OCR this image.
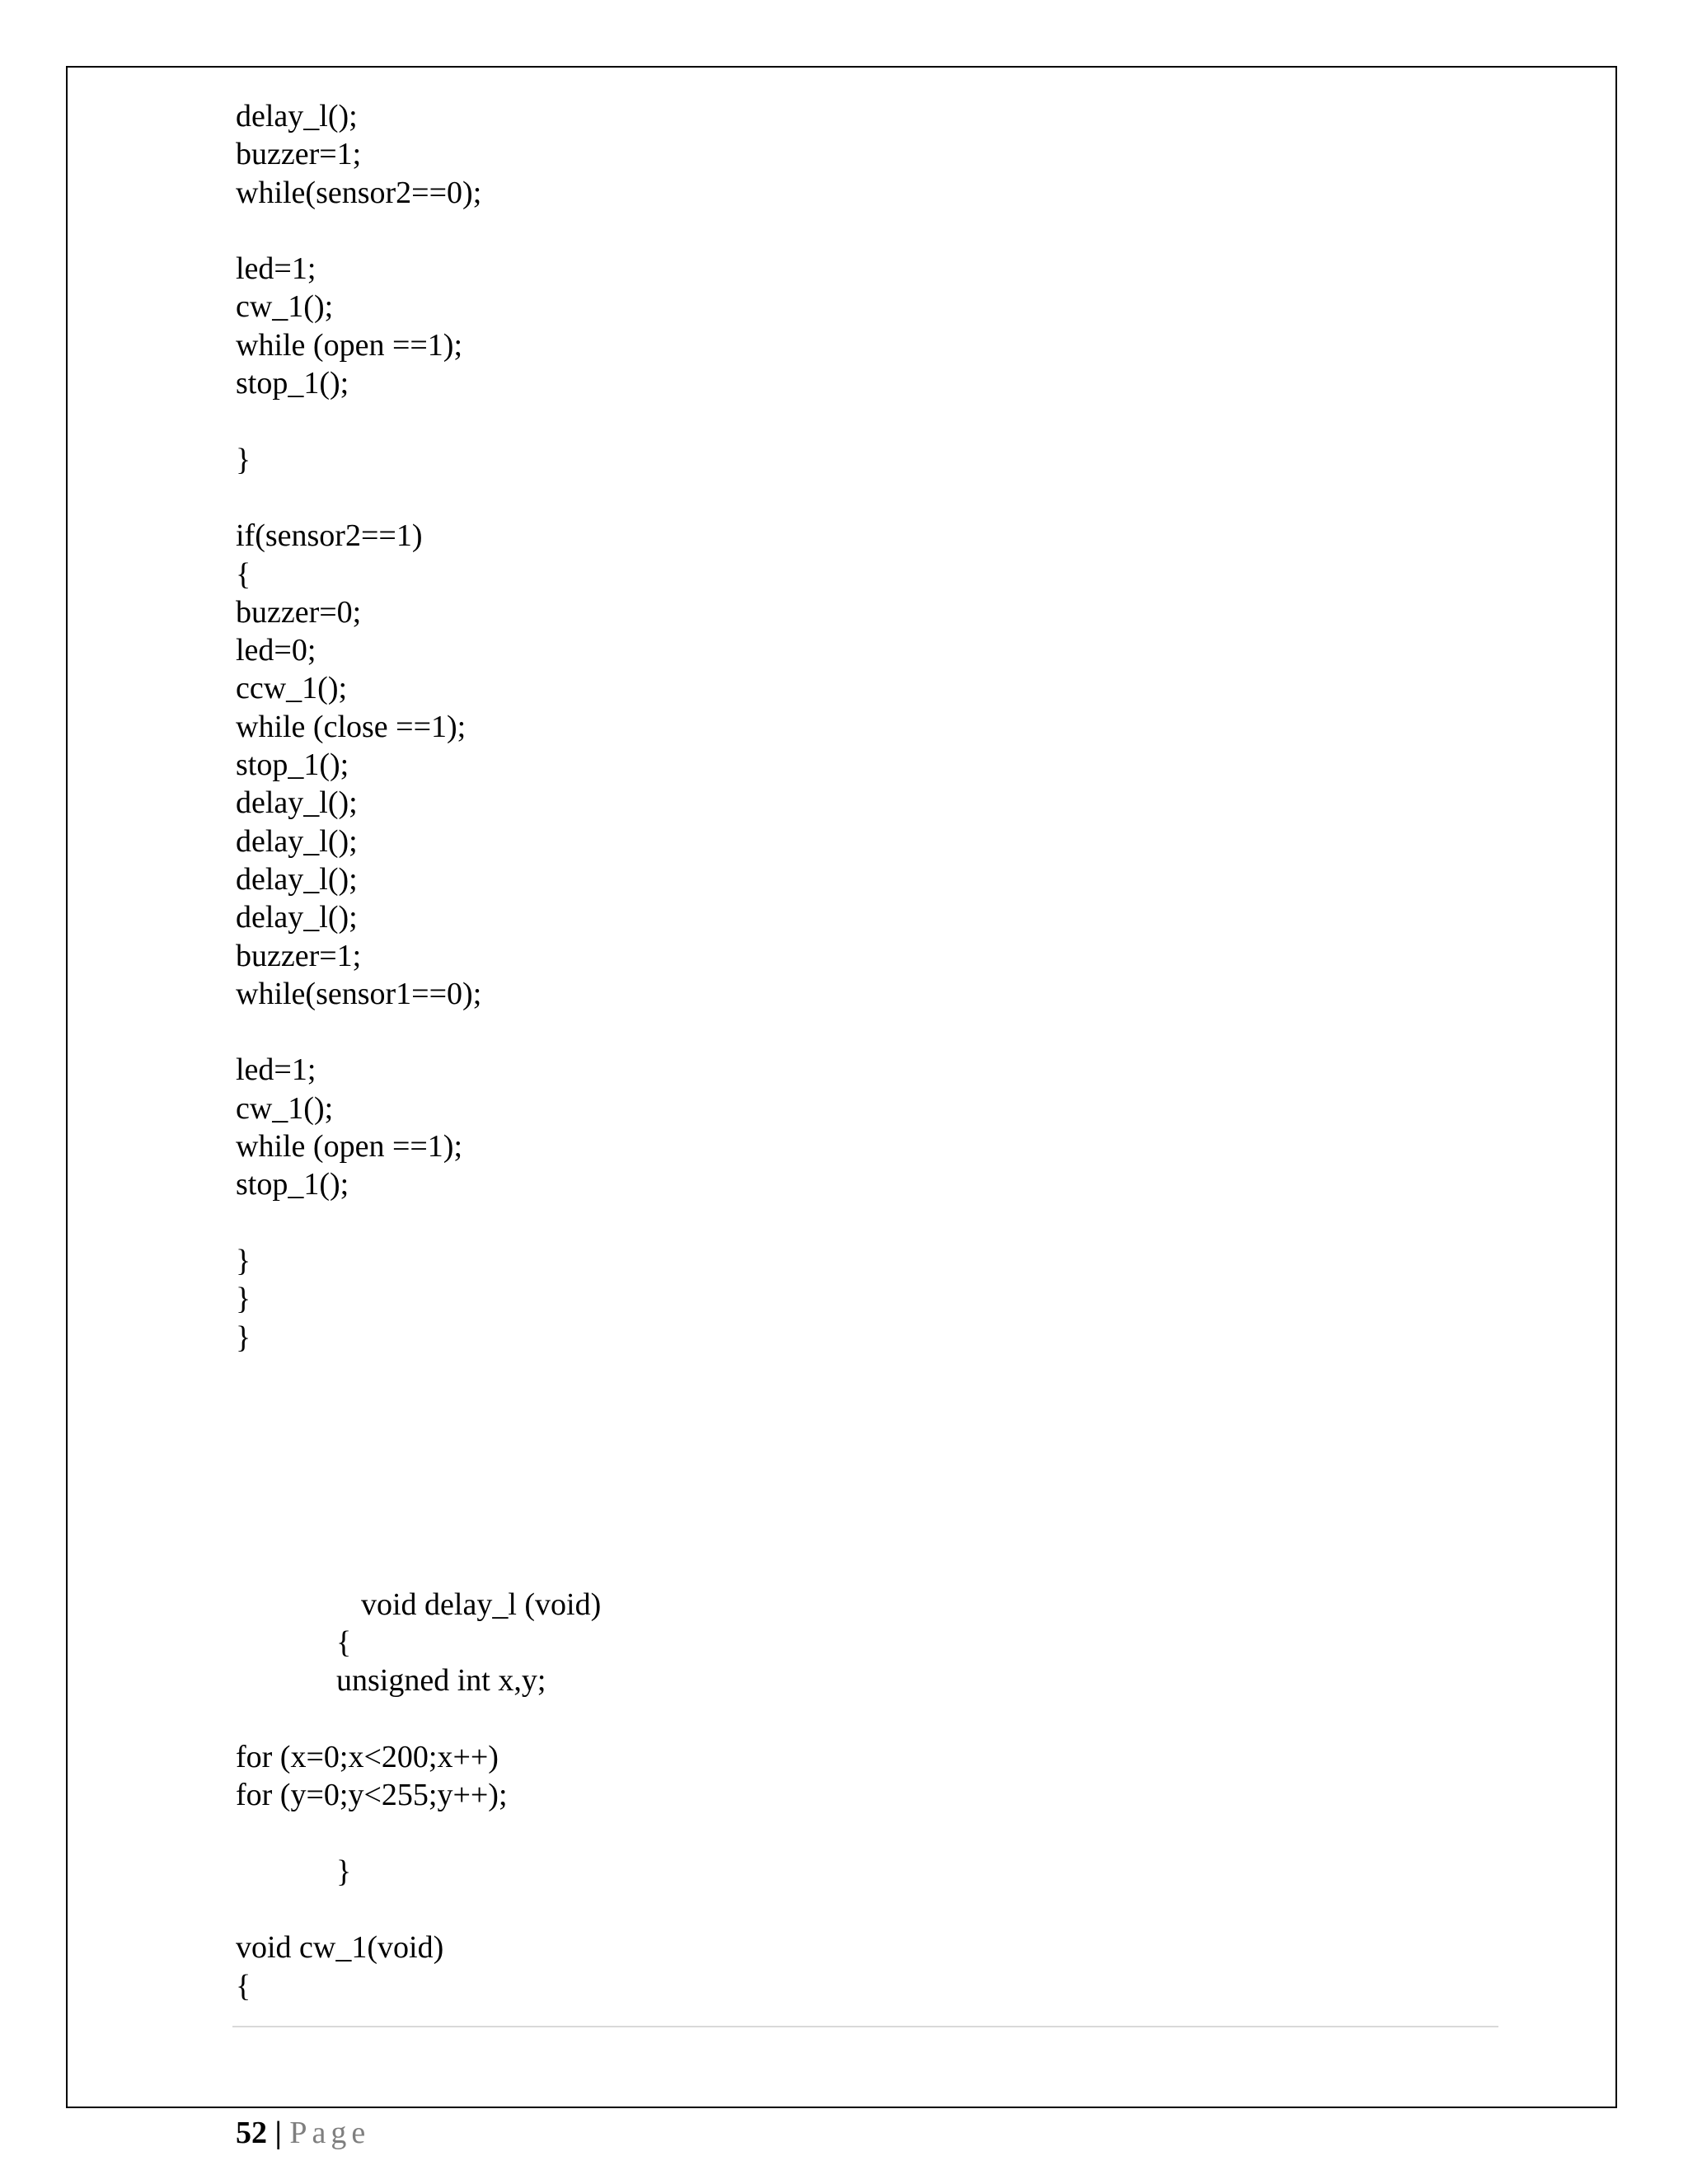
delay_l();
buzzer=1;
while(sensor2==0);
led=1;
cw_1();
while (open ==1);
stop_1();
}
if(sensor2==1)
{
buzzer=0;
led=0;
ccw_1();
while (close ==1);
stop_1();
delay_l();
delay_l();
delay_l();
delay_l();
buzzer=1;
while(sensor1==0);
led=1;
cw_1();
while (open ==1);
stop_1();
}
}
}
void delay_l (void)
{
unsigned int x,y;
for (x=0;x<200;x++)
for (y=0;y<255;y++);
}
void cw_1(void)
{
52 | Page
